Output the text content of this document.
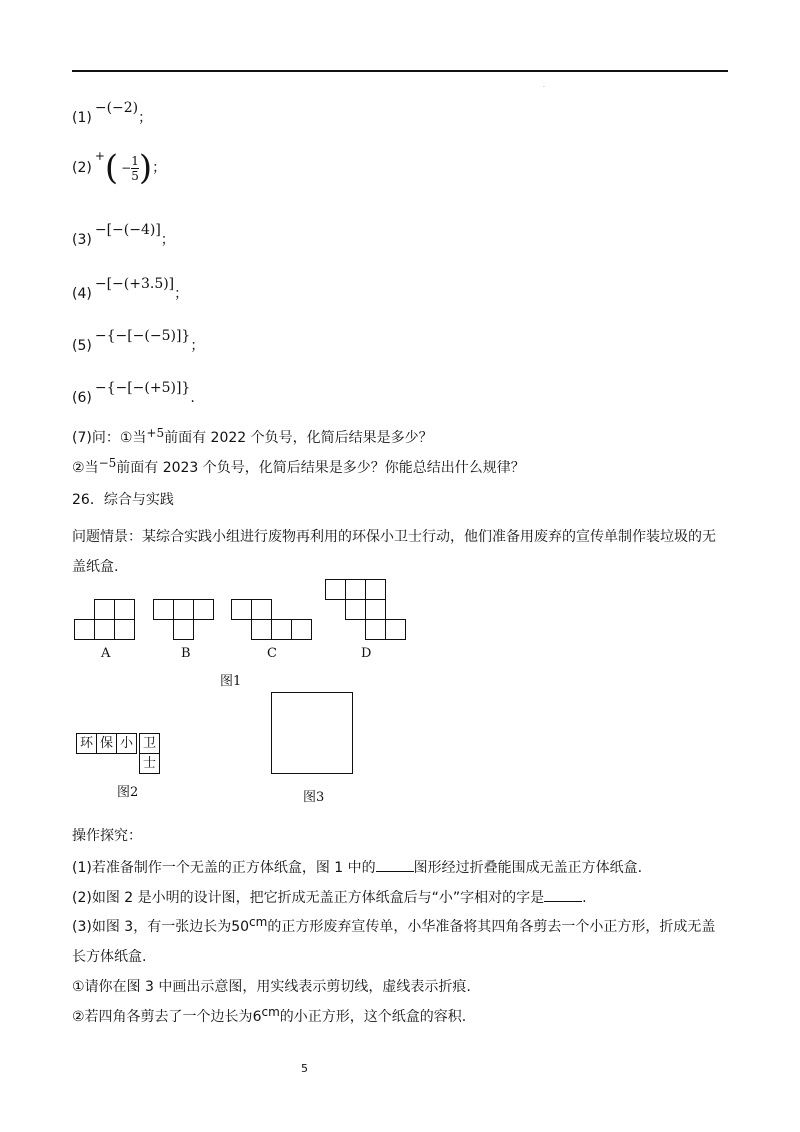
·
(1)−(−2)；
$(2)+( - \frac{1}{5}$ )；
(3)−[−(−4)]；
(4)−[−(+3.5)]；
(5)−{−[−(−5)]}；
(6)−{−[−(+5)]}.
(7)问：①当+5前面有 2022 个负号，化简后结果是多少？
②当−5前面有 2023 个负号，化简后结果是多少？你能总结出什么规律？
26．综合与实践
问题情景：某综合实践小组进行废物再利用的环保小卫士行动，他们准备用废弃的宣传单制作装垃圾的无盖纸盒.
A	B	C	D
图1
环 保 小 卫
士
图2	图3
操作探究：
(1)若准备制作一个无盖的正方体纸盒，图 1 中的	图形经过折叠能围成无盖正方体纸盒.
(2)如图 2 是小明的设计图，把它折成无盖正方体纸盒后与“小”字相对的字是	.
(3)如图 3，有一张边长为50cm的正方形废弃宣传单，小华准备将其四角各剪去一个小正方形，折成无盖
长方体纸盒.
①请你在图 3 中画出示意图，用实线表示剪切线，虚线表示折痕.
②若四角各剪去了一个边长为6cm的小正方形，这个纸盒的容积.
5
